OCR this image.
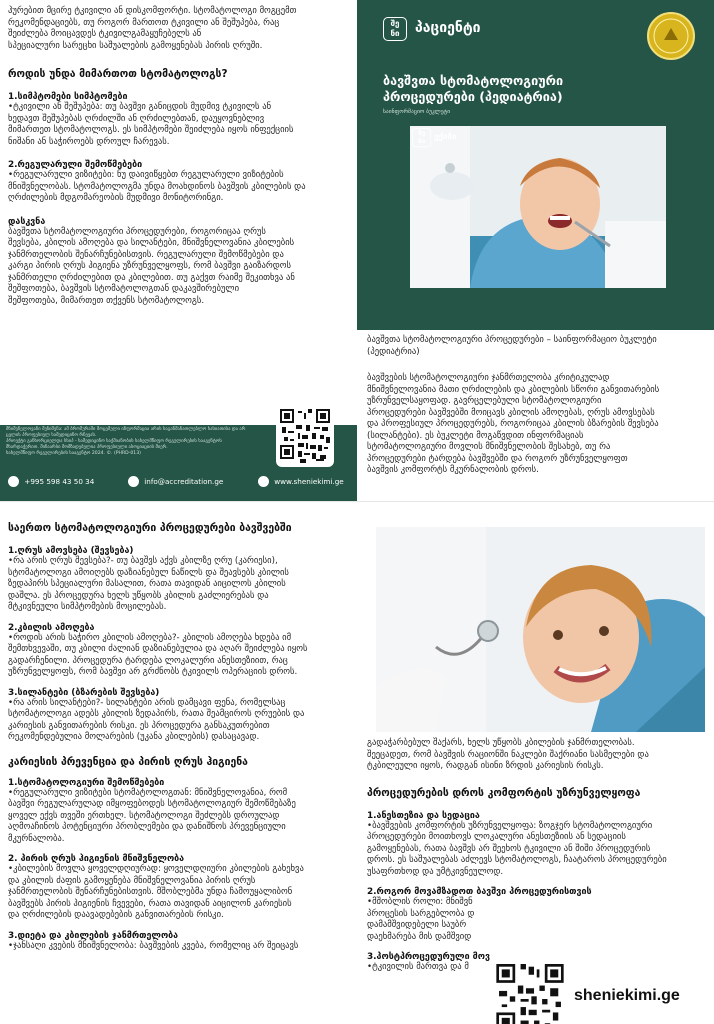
ჰურებით მცირე ტკივილი ან დისკომფორტი. სტომატოლოგი მოგცემთ
რეკომენდაციებს, თუ როგორ მართოთ ტკივილი ან შეშუპება, რაც
შეიძლება მოიცავდეს ტკივილგამაყუჩებელს ან
სპეციალური სარეცხი საშუალების გამოყენებას პირის ღრუში.
როდის უნდა მიმართოთ სტომატოლოგს?
1.სიმპტომები სიმპტომები
•ტკივილი ან შეშუპება: თუ ბავშვი განიცდის მუდმივ ტკივილს ან
ხედავთ შეშუპებას ღრძილში ან ღრძილებთან, დაუყოვნებლივ
მიმართეთ სტომატოლოგს. ეს სიმპტომები შეიძლება იყოს ინფექციის
ნიშანი ან საჭიროებს დროულ ჩარევას.
2.რეგულარული შემოწმებები
•რეგულარული ვიზიტები: ნუ დაივიწყებთ რეგულარული ვიზიტების
მნიშვნელობას. სტომატოლოგმა უნდა მოახდინოს ბავშვის კბილების და
ღრძილების მდგომარეობის მუდმივი მონიტორინგი.
დასკვნა
ბავშვთა სტომატოლოგიური პროცედურები, როგორიცაა ღრუს
შევსება, კბილის ამოღება და სილანტები, მნიშვნელოვანია კბილების
ჯანმრთელობის შენარჩუნებისთვის. რეგულარული შემოწმებები და
კარგი პირის ღრუს ჰიგიენა უზრუნველყოფს, რომ ბავშვი გაიზარდოს
ჯანმრთელი ღრძილებით და კბილებით. თუ გაქვთ რაიმე შეკითხვა ან
შეშფოთება, ბავშვის სტომატოლოგთან დაკავშირებული
შეშფოთება, მიმართეთ თქვენს სტომატოლოგს.
მნიშვნელოვანი შენიშვნა: ამ ბროშურაში მოცემული ინფორმაცია არის საგანმანათლებლო ხასიათისა და არ
ცვლის პროფესიულ სამედიცინო რჩევას.
პროექტი განხორციელდა სსიპ - სამედიცინო საქმიანობის სახელმწიფო რეგულირების სააგენტოს
მხარდაჭერით. შინაარსი მომზადებულია პროფესიული ასოციაციის მიერ.
სახელმწიფო რეგულირების სააგენტო 2024. ©. (PHRD-013)
+995 598 43 50 34	info@accreditation.ge	www.sheniekimi.ge
შე
ნი	პაციენტი
ბავშვთა სტომატოლოგიური
პროცედურები (პედიატრია)
საინფორმაციო ბუკლეტი
შე
ნი
ექიმი
ბავშვთა სტომატოლოგიური პროცედურები – საინფორმაციო ბუკლეტი
(პედიატრია)
ბავშვების სტომატოლოგიური ჯანმრთელობა კრიტიკულად
მნიშვნელოვანია მათი ღრძილების და კბილების სწორი განვითარების
უზრუნველსაყოფად. გავრცელებული სტომატოლოგიური
პროცედურები ბავშვებში მოიცავს კბილის ამოღებას, ღრუს ამოვსებას
და პროფესიულ პროცედურებს, როგორიცაა კბილის ბზარების შევსება
(სილანტები). ეს ბუკლეტი მოგაწვდით ინფორმაციას
სტომატოლოგიური მოვლის მნიშვნელობის შესახებ, თუ რა
პროცედურები ტარდება ბავშვებში და როგორ უზრუნველყოფთ
ბავშვის კომფორტს მკურნალობის დროს.
საერთო სტომატოლოგიური პროცედურები ბავშვებში
1.ღრუს ამოვსება (შევსება)
•რა არის ღრუს შევსება?- თუ ბავშვს აქვს კბილზე ღრუ (კარიესი),
სტომატოლოგი ამოიღებს დაზიანებულ ნაწილს და შეავსებს კბილის
ზედაპირს სპეციალური მასალით, რათა თავიდან აიცილოს კბილის
დაშლა. ეს პროცედურა ხელს უწყობს კბილის გაძლიერებას და
მტკივნეული სიმპტომების მოცილებას.
2.კბილის ამოღება
•როდის არის საჭირო კბილის ამოღება?- კბილის ამოღება ხდება იმ
შემთხვევაში, თუ კბილი ძალიან დაზიანებულია და აღარ შეიძლება იყოს
გადარჩენილი. პროცედურა ტარდება ლოკალური ანესთეზიით, რაც
უზრუნველყოფს, რომ ბავშვი არ გრძნობს ტკივილს ოპერაციის დროს.
3.სილანტები (ბზარების შევსება)
•რა არის სილანტები?- სილანტები არის დამცავი ფენა, რომელსაც
სტომატოლოგი ადებს კბილის ზედაპირს, რათა შეამციროს ღრუების და
კარიესის განვითარების რისკი. ეს პროცედურა განსაკუთრებით
რეკომენდებულია მოლარების (უკანა კბილების) დასაცავად.
კარიესის პრევენცია და პირის ღრუს ჰიგიენა
1.სტომატოლოგიური შემოწმებები
•რეგულარული ვიზიტები სტომატოლოგთან: მნიშვნელოვანია, რომ
ბავშვი რეგულარულად იმყოფებოდეს სტომატოლოგიურ შემოწმებაზე
ყოველ ექვს თვეში ერთხელ. სტომატოლოგი შეძლებს დროულად
აღმოაჩინოს პოტენციური პრობლემები და დანიშნოს პრევენციული
მკურნალობა.
2. პირის ღრუს ჰიგიენის მნიშვნელობა
•კბილების მოვლა ყოველდღიურად: ყოველდღიური კბილების გახეხვა
და კბილის ძაფის გამოყენება მნიშვნელოვანია პირის ღრუს
ჯანმრთელობის შენარჩუნებისთვის. მშობლებმა უნდა ჩამოუყალიბონ
ბავშვებს პირის ჰიგიენის ჩვევები, რათა თავიდან აიცილონ კარიესის
და ღრძილების დაავადებების განვითარების რისკი.
3.დიეტა და კბილების ჯანმრთელობა
•ჯანსაღი კვების მნიშვნელობა: ბავშვების კვება, რომელიც არ შეიცავს
გადაჭარბებულ შაქარს, ხელს უწყობს კბილების ჯანმრთელობას.
შეეცადეთ, რომ ბავშვის რაციონში ნაკლები შაქრიანი სასმელები და
ტკბილეული იყოს, რადგან ისინი ზრდის კარიესის რისკს.
პროცედურების დროს კომფორტის უზრუნველყოფა
1.ანესთეზია და სედაცია
•ბავშვების კომფორტის უზრუნველყოფა: ზოგჯერ სტომატოლოგიური
პროცედურები მოითხოვს ლოკალური ანესთეზიის ან სედაციის
გამოყენებას, რათა ბავშვს არ შეეხოს ტკივილი ან შიში პროცედურის
დროს. ეს საშუალებას აძლევს სტომატოლოგს, ჩაატაროს პროცედურები
უსაფრთხოდ და უმტკივნეულოდ.
2.როგორ მოვამზადოთ ბავშვი პროცედურისთვის
•მშობლის როლი: მნიშვნ
პროცესის სარგებლობა დ
დამამშვიდებელი საუბრ
დაეხმარება მის დამშვიდ
3.პოსტპროცედურული მოვ
•ტკივილის მართვა და მ
sheniekimi.ge
